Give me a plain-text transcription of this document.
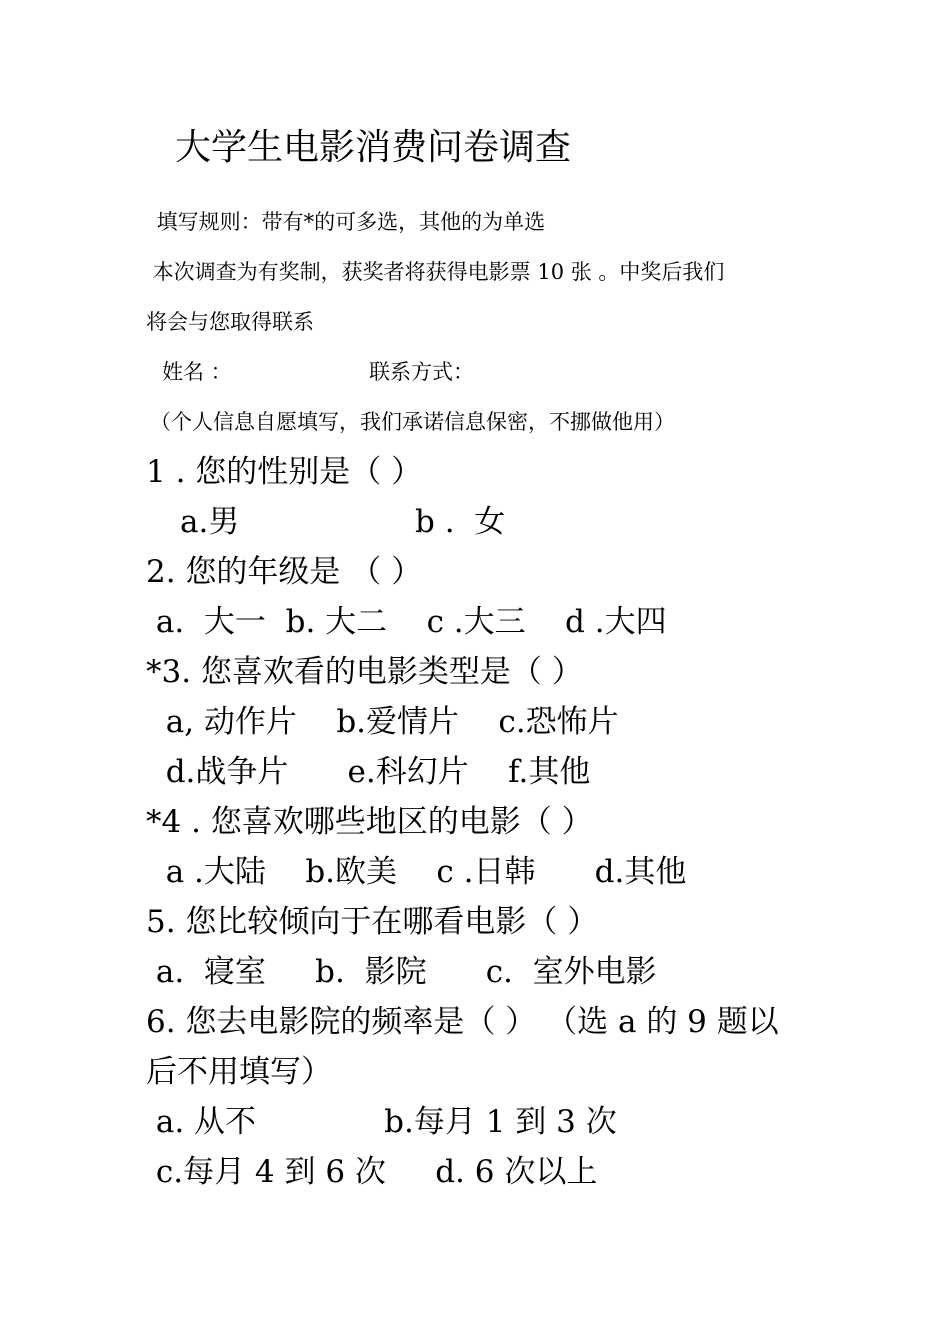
大学生电影消费问卷调查
填写规则：带有*的可多选，其他的为单选
本次调查为有奖制，获奖者将获得电影票 10 张 。中奖后我们
将会与您取得联系
姓名 ：	联系方式：
（个人信息自愿填写，我们承诺信息保密，不挪做他用）
1 . 您的性别是（ ）
a.男	b .  女
2. 您的年级是 （ ）
a.  大一  b. 大二    c .大三    d .大四
*3. 您喜欢看的电影类型是（ ）
a, 动作片    b.爱情片    c.恐怖片
d.战争片      e.科幻片    f.其他
*4 . 您喜欢哪些地区的电影（ ）
a .大陆    b.欧美    c .日韩      d.其他
5. 您比较倾向于在哪看电影（ ）
a.  寝室     b.  影院      c.  室外电影
6. 您去电影院的频率是（ ） （选 a 的 9 题以
后不用填写）
a. 从不             b.每月 1 到 3 次
c.每月 4 到 6 次     d. 6 次以上
